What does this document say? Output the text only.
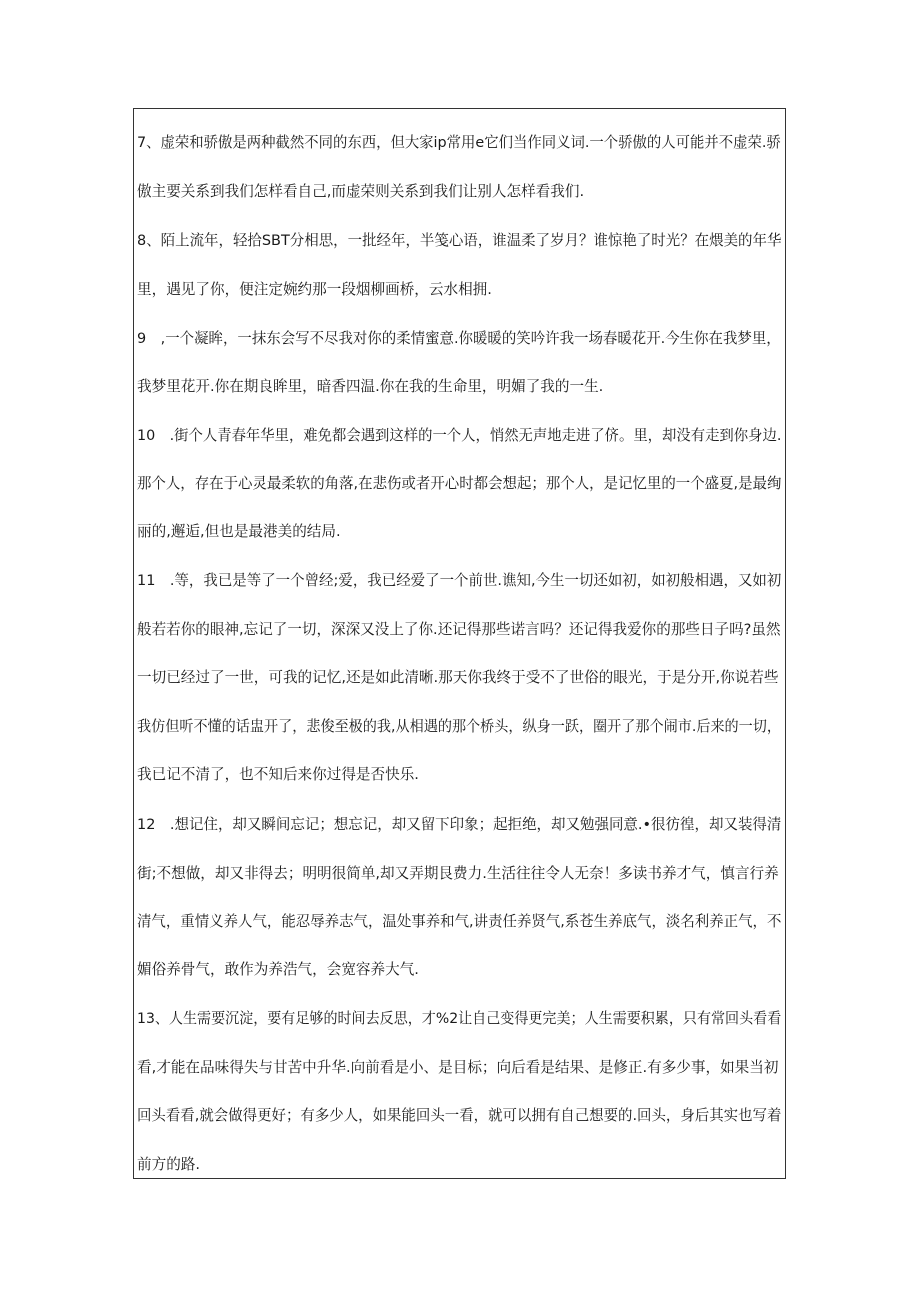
7、虚荣和骄傲是两种截然不同的东西，但大家ip常用e它们当作同义词.一个骄傲的人可能并不虚荣.骄
傲主要关系到我们怎样看自己,而虚荣则关系到我们让别人怎样看我们.
8、陌上流年，轻拾SBT分相思，一批经年，半笺心语，谁温柔了岁月？谁惊艳了时光？在煨美的年华
里，遇见了你，便注定婉约那一段烟柳画桥，云水相拥.
9　,一个凝眸，一抹东会写不尽我对你的柔情蜜意.你暖暖的笑吟许我一场春暖花开.今生你在我梦里，
我梦里花开.你在期良眸里，暗香四温.你在我的生命里，明媚了我的一生.
10　.街个人青春年华里，难免都会遇到这样的一个人，悄然无声地走进了侪。里，却没有走到你身边.
那个人，存在于心灵最柔软的角落,在悲伤或者开心时都会想起；那个人，是记忆里的一个盛夏,是最绚
丽的,邂逅,但也是最港美的结局.
11　.等，我已是等了一个曾经;爱，我已经爱了一个前世.谯知,今生一切还如初，如初般相遇，又如初
般若若你的眼神,忘记了一切，深深又没上了你.还记得那些诺言吗？还记得我爱你的那些日子吗?虽然
一切已经过了一世，可我的记忆,还是如此清晰.那天你我终于受不了世俗的眼光，于是分开,你说若些
我仿但听不懂的话盅开了，悲俊至极的我,从相遇的那个桥头，纵身一跃，圈开了那个闹市.后来的一切，
我已记不清了，也不知后来你过得是否快乐.
12　.想记住，却又瞬间忘记；想忘记，却又留下印象；起拒绝，却又勉强同意.•很彷徨，却又装得清
街;不想做，却又非得去；明明很简单,却又弄期艮费力.生活往往令人无奈！多读书养才气，慎言行养
清气，重情义养人气，能忍辱养志气，温处事养和气,讲责任养贤气,系苍生养底气，淡名利养正气，不
媚俗养骨气，敢作为养浩气，会宽容养大气.
13、人生需要沉淀，要有足够的时间去反思，才%2让自己变得更完美；人生需要积累，只有常回头看看
看,才能在品味得失与甘苦中升华.向前看是小、是目标；向后看是结果、是修正.有多少事，如果当初
回头看看,就会做得更好；有多少人，如果能回头一看，就可以拥有自己想要的.回头，身后其实也写着
前方的路.
